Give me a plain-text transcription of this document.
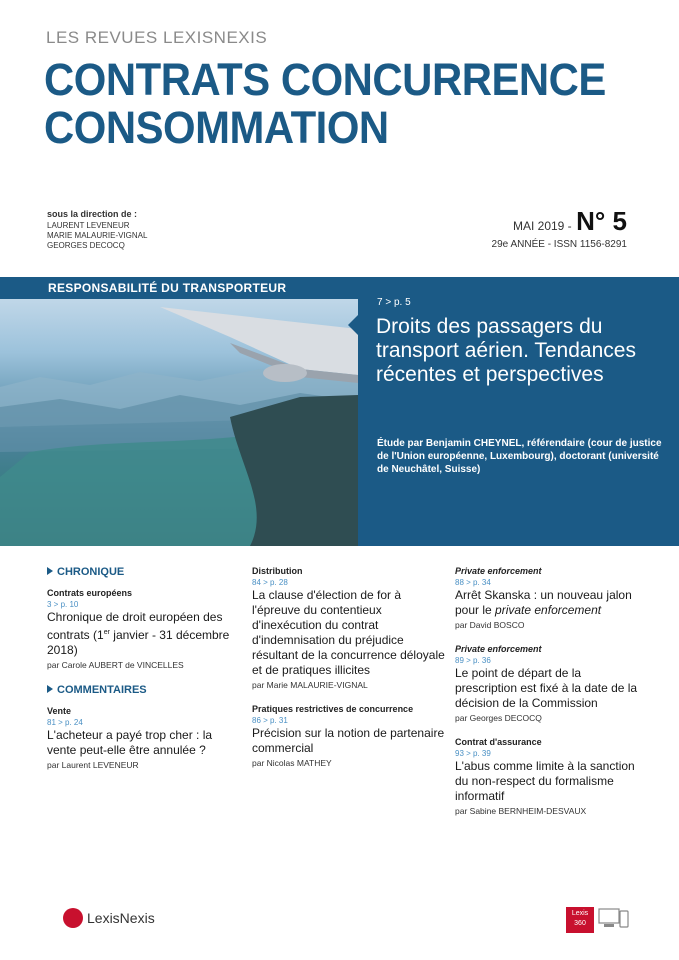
LES REVUES LEXISNEXIS
CONTRATS CONCURRENCE
CONSOMMATION
sous la direction de :
LAURENT LEVENEUR
MARIE MALAURIE-VIGNAL
GEORGES DECOCQ
MAI 2019 - N° 5
29e ANNÉE - ISSN 1156-8291
RESPONSABILITÉ DU TRANSPORTEUR
7 > p. 5
Droits des passagers du transport aérien. Tendances récentes et perspectives
Étude par Benjamin CHEYNEL, référendaire (cour de justice de l'Union européenne, Luxembourg), doctorant (université de Neuchâtel, Suisse)
CHRONIQUE
Contrats européens
3 > p. 10
Chronique de droit européen des contrats (1er janvier - 31 décembre 2018)
par Carole AUBERT de VINCELLES
COMMENTAIRES
Vente
81 > p. 24
L'acheteur a payé trop cher : la vente peut-elle être annulée ?
par Laurent LEVENEUR
Distribution
84 > p. 28
La clause d'élection de for à l'épreuve du contentieux d'inexécution du contrat d'indemnisation du préjudice résultant de la concurrence déloyale et de pratiques illicites
par Marie MALAURIE-VIGNAL
Pratiques restrictives de concurrence
86 > p. 31
Précision sur la notion de partenaire commercial
par Nicolas MATHEY
Private enforcement
88 > p. 34
Arrêt Skanska : un nouveau jalon pour le private enforcement
par David BOSCO
Private enforcement
89 > p. 36
Le point de départ de la prescription est fixé à la date de la décision de la Commission
par Georges DECOCQ
Contrat d'assurance
93 > p. 39
L'abus comme limite à la sanction du non-respect du formalisme informatif
par Sabine BERNHEIM-DESVAUX
LexisNexis	Lexis
360
